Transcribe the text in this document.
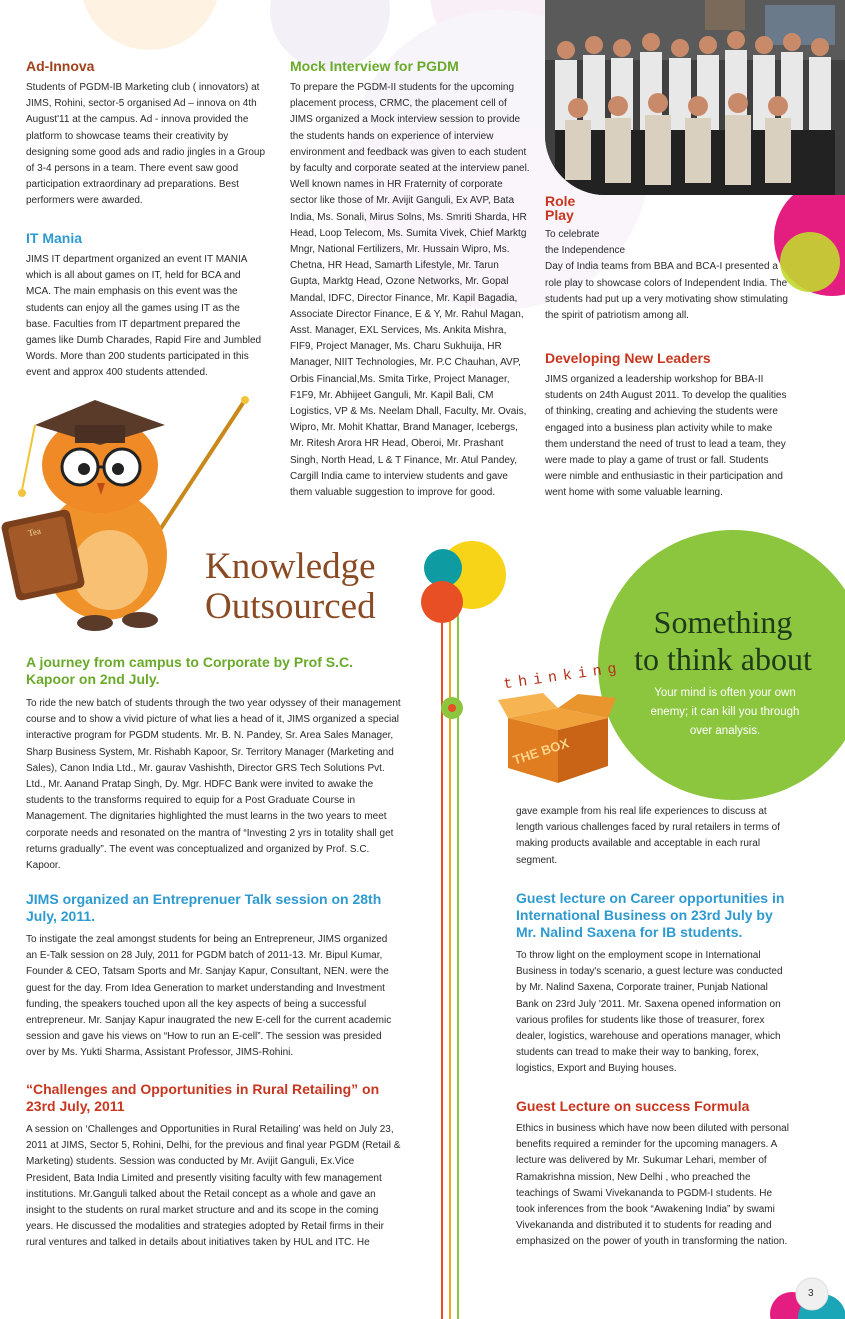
Ad-Innova

Students of PGDM-IB Marketing club ( innovators) at JIMS, Rohini, sector-5 organised Ad – innova on 4th August'11 at the campus. Ad - innova provided the platform to showcase teams their creativity by designing some good ads and radio jingles in a Group of 3-4 persons in a team. There event saw good participation extraordinary ad preparations. Best performers were awarded.

IT Mania

JIMS IT department organized an event IT MANIA which is all about games on IT, held for BCA and MCA. The main emphasis on this event was the students can enjoy all the games using IT as the base. Faculties from IT department prepared the games like Dumb Charades, Rapid Fire and Jumbled Words. More than 200 students participated in this event and approx 400 students attended.

Mock Interview for PGDM

To prepare the PGDM-II students for the upcoming placement process, CRMC, the placement cell of JIMS organized a Mock interview session to provide the students hands on experience of interview environment and feedback was given to each student by faculty and corporate seated at the interview panel. Well known names in HR Fraternity of corporate sector like those of Mr. Avijit Ganguli, Ex AVP, Bata India, Ms. Sonali, Mirus Solns, Ms. Smriti Sharda, HR Head, Loop Telecom, Ms. Sumita Vivek, Chief Marktg Mngr, National Fertilizers, Mr. Hussain Wipro, Ms. Chetna, HR Head, Samarth Lifestyle, Mr. Tarun Gupta, Marktg Head, Ozone Networks, Mr. Gopal Mandal, IDFC, Director Finance, Mr. Kapil Bagadia, Associate Director Finance, E & Y, Mr. Rahul Magan, Asst. Manager, EXL Services, Ms. Ankita Mishra, FIF9, Project Manager, Ms. Charu Sukhuija, HR Manager, NIIT Technologies, Mr. P.C Chauhan, AVP, Orbis Financial,Ms. Smita Tirke, Project Manager, F1F9, Mr. Abhijeet Ganguli, Mr. Kapil Bali, CM Logistics, VP & Ms. Neelam Dhall, Faculty, Mr. Ovais, Wipro, Mr. Mohit Khattar, Brand Manager, Icebergs, Mr. Ritesh Arora HR Head, Oberoi, Mr. Prashant Singh, North Head, L & T Finance, Mr. Atul Pandey, Cargill India came to interview students and gave them valuable suggestion to improve for good.

Role
Play

To celebrate

the Independence

Day of India teams from BBA and BCA-I presented a role play to showcase colors of Independent India. The students had put up a very motivating show stimulating the spirit of patriotism among all.

Developing New Leaders

JIMS organized a leadership workshop for BBA-II students on 24th August 2011. To develop the qualities of thinking, creating and achieving the students were engaged into a business plan activity while to make them understand the need of trust to lead a team, they were made to play a game of trust or fall. Students were nimble and enthusiastic in their participation and went home with some valuable learning.

Tea
Knowledge
Outsourced	Something
to think about
Your mind is often your own enemy; it can kill you through over analysis.
thinking
THE BOX
A journey from campus to Corporate by Prof S.C. Kapoor on 2nd July.

To ride the new batch of students through the two year odyssey of their management course and to show a vivid picture of what lies a head of it, JIMS organized a special interactive program for PGDM students. Mr. B. N. Pandey, Sr. Area Sales Manager, Sharp Business System, Mr. Rishabh Kapoor, Sr. Territory Manager (Marketing and Sales), Canon India Ltd., Mr. gaurav Vashishth, Director GRS Tech Solutions Pvt. Ltd., Mr. Aanand Pratap Singh, Dy. Mgr. HDFC Bank were invited to awake the students to the transforms required to equip for a Post Graduate Course in Management. The dignitaries highlighted the must learns in the two years to meet corporate needs and resonated on the mantra of “Investing 2 yrs in totality shall get returns gradually”. The event was conceptualized and organized by Prof. S.C. Kapoor.

JIMS organized an Entreprenuer Talk session on 28th July, 2011.

To instigate the zeal amongst students for being an Entrepreneur, JIMS organized an E-Talk session on 28 July, 2011 for PGDM batch of 2011-13. Mr. Bipul Kumar, Founder & CEO, Tatsam Sports and Mr. Sanjay Kapur, Consultant, NEN. were the guest for the day. From Idea Generation to market understanding and Investment funding, the speakers touched upon all the key aspects of being a successful entrepreneur. Mr. Sanjay Kapur inaugrated the new E-cell for the current academic session and gave his views on “How to run an E-cell”. The session was presided over by Ms. Yukti Sharma, Assistant Professor, JIMS-Rohini.

“Challenges and Opportunities in Rural Retailing” on 23rd July, 2011

A session on ‘Challenges and Opportunities in Rural Retailing’ was held on July 23, 2011 at JIMS, Sector 5, Rohini, Delhi, for the previous and final year PGDM (Retail & Marketing) students. Session was conducted by Mr. Avijit Ganguli, Ex.Vice President, Bata India Limited and presently visiting faculty with few management institutions. Mr.Ganguli talked about the Retail concept as a whole and gave an insight to the students on rural market structure and and its scope in the coming years. He discussed the modalities and strategies adopted by Retail firms in their rural ventures and talked in details about initiatives taken by HUL and ITC. He

gave example from his real life experiences to discuss at length various challenges faced by rural retailers in terms of making products available and acceptable in each rural segment.

Guest lecture on Career opportunities in International Business on 23rd July by Mr. Nalind Saxena for IB students.

To throw light on the employment scope in International Business in today's scenario, a guest lecture was conducted by Mr. Nalind Saxena, Corporate trainer, Punjab National Bank on 23rd July '2011. Mr. Saxena opened information on various profiles for students like those of treasurer, forex dealer, logistics, warehouse and operations manager, which students can tread to make their way to banking, forex, logistics, Export and Buying houses.

Guest Lecture on success Formula

Ethics in business which have now been diluted with personal benefits required a reminder for the upcoming managers. A lecture was delivered by Mr. Sukumar Lehari, member of Ramakrishna mission, New Delhi , who preached the teachings of Swami Vivekananda to PGDM-I students. He took inferences from the book “Awakening India” by swami Vivekananda and distributed it to students for reading and emphasized on the power of youth in transforming the nation.

3
